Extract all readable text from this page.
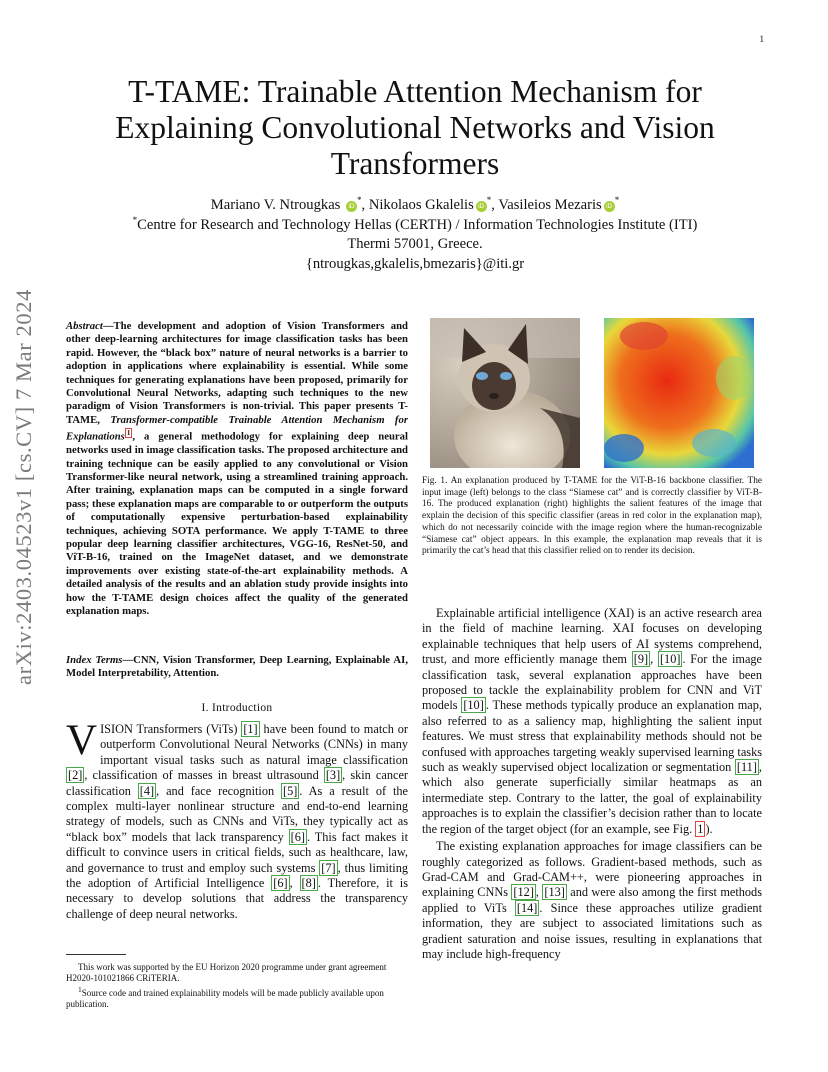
1
arXiv:2403.04523v1 [cs.CV] 7 Mar 2024
T-TAME: Trainable Attention Mechanism for Explaining Convolutional Networks and Vision Transformers
Mariano V. Ntrougkas iD*, Nikolaos Gkalelis iD*, Vasileios Mezaris iD*
*Centre for Research and Technology Hellas (CERTH) / Information Technologies Institute (ITI)
Thermi 57001, Greece.
{ntrougkas,gkalelis,bmezaris}@iti.gr
Abstract—The development and adoption of Vision Transformers and other deep-learning architectures for image classification tasks has been rapid. However, the “black box” nature of neural networks is a barrier to adoption in applications where explainability is essential. While some techniques for generating explanations have been proposed, primarily for Convolutional Neural Networks, adapting such techniques to the new paradigm of Vision Transformers is non-trivial. This paper presents T-TAME, Transformer-compatible Trainable Attention Mechanism for Explanations $^1$ , a general methodology for explaining deep neural networks used in image classification tasks. The proposed architecture and training technique can be easily applied to any convolutional or Vision Transformer-like neural network, using a streamlined training approach. After training, explanation maps can be computed in a single forward pass; these explanation maps are comparable to or outperform the outputs of computationally expensive perturbation-based explainability techniques, achieving SOTA performance. We apply T-TAME to three popular deep learning classifier architectures, VGG-16, ResNet-50, and ViT-B-16, trained on the ImageNet dataset, and we demonstrate improvements over existing state-of-the-art explainability methods. A detailed analysis of the results and an ablation study provide insights into how the T-TAME design choices affect the quality of the generated explanation maps.
Index Terms—CNN, Vision Transformer, Deep Learning, Explainable AI, Model Interpretability, Attention.
I. Introduction
VISION Transformers (ViTs) [1] have been found to match or outperform Convolutional Neural Networks (CNNs) in many important visual tasks such as natural image classification [2] , classification of masses in breast ultrasound [3] , skin cancer classification [4] , and face recognition [5] . As a result of the complex multi-layer nonlinear structure and end-to-end learning strategy of models, such as CNNs and ViTs, they typically act as “black box” models that lack transparency [6] . This fact makes it difficult to convince users in critical fields, such as healthcare, law, and governance to trust and employ such systems [7] , thus limiting the adoption of Artificial Intelligence [6] , [8] . Therefore, it is necessary to develop solutions that address the transparency challenge of deep neural networks.

This work was supported by the EU Horizon 2020 programme under grant agreement H2020-101021866 CRiTERIA.

$^1$Source code and trained explainability models will be made publicly available upon publication.

Fig. 1. An explanation produced by T-TAME for the ViT-B-16 backbone classifier. The input image (left) belongs to the class “Siamese cat” and is correctly classifier by ViT-B-16. The produced explanation (right) highlights the salient features of the image that explain the decision of this specific classifier (areas in red color in the explanation map), which do not necessarily coincide with the image region where the human-recognizable “Siamese cat” object appears. In this example, the explanation map reveals that it is primarily the cat’s head that this classifier relied on to render its decision.

Explainable artificial intelligence (XAI) is an active research area in the field of machine learning. XAI focuses on developing explainable techniques that help users of AI systems comprehend, trust, and more efficiently manage them [9] , [10] . For the image classification task, several explanation approaches have been proposed to tackle the explainability problem for CNN and ViT models [10] . These methods typically produce an explanation map, also referred to as a saliency map, highlighting the salient input features. We must stress that explainability methods should not be confused with approaches targeting weakly supervised learning tasks such as weakly supervised object localization or segmentation [11] , which also generate superficially similar heatmaps as an intermediate step. Contrary to the latter, the goal of explainability approaches is to explain the classifier’s decision rather than to locate the region of the target object (for an example, see Fig. 1 ).

The existing explanation approaches for image classifiers can be roughly categorized as follows. Gradient-based methods, such as Grad-CAM and Grad-CAM++, were pioneering approaches in explaining CNNs [12] , [13] and were also among the first methods applied to ViTs [14] . Since these approaches utilize gradient information, they are subject to associated limitations such as gradient saturation and noise issues, resulting in explanations that may include high-frequency
